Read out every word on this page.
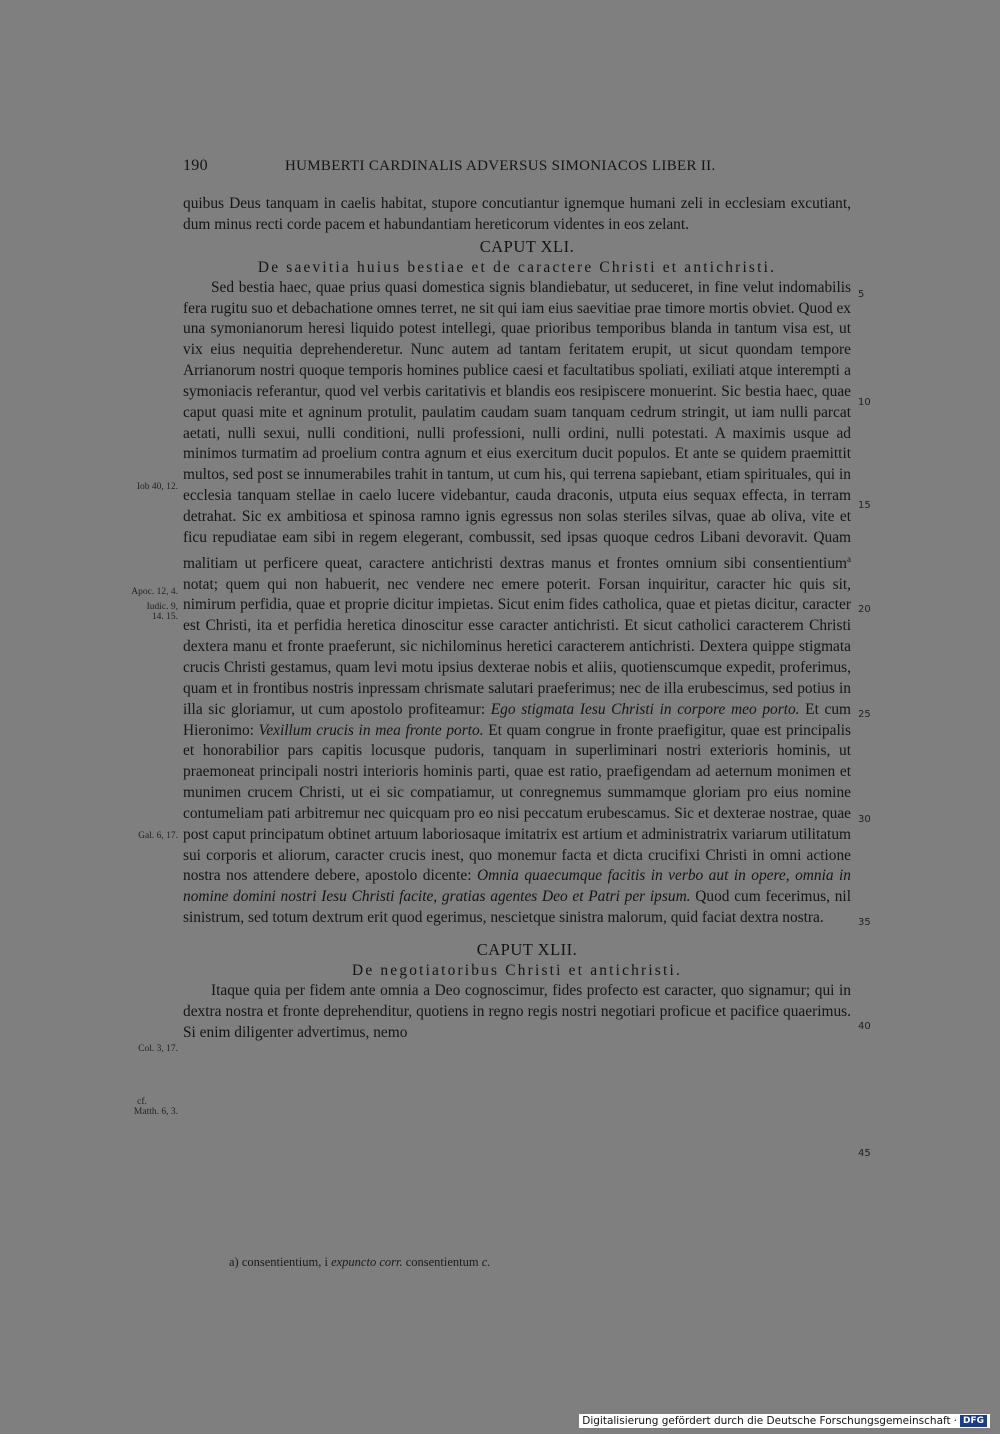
190	HUMBERTI CARDINALIS ADVERSUS SIMONIACOS LIBER II.

quibus Deus tanquam in caelis habitat, stupore concutiantur ignemque humani zeli in ecclesiam excutiant, dum minus recti corde pacem et habundantiam hereticorum videntes in eos zelant.

CAPUT XLI.

De saevitia huius bestiae et de caractere Christi et antichristi.

Sed bestia haec, quae prius quasi domestica signis blandiebatur, ut seduceret, in fine velut indomabilis fera rugitu suo et debachatione omnes terret, ne sit qui iam eius saevitiae prae timore mortis obviet. Quod ex una symonianorum heresi liquido potest intellegi, quae prioribus temporibus blanda in tantum visa est, ut vix eius nequitia deprehenderetur. Nunc autem ad tantam feritatem erupit, ut sicut quondam tempore Arrianorum nostri quoque temporis homines publice caesi et facultatibus spoliati, exiliati atque interempti a symoniacis referantur, quod vel verbis caritativis et blandis eos resipiscere monuerint. Sic bestia haec, quae caput quasi mite et agninum protulit, paulatim caudam suam tanquam cedrum stringit, ut iam nulli parcat aetati, nulli sexui, nulli conditioni, nulli professioni, nulli ordini, nulli potestati. A maximis usque ad minimos turmatim ad proelium contra agnum et eius exercitum ducit populos. Et ante se quidem praemittit multos, sed post se innumerabiles trahit in tantum, ut cum his, qui terrena sapiebant, etiam spirituales, qui in ecclesia tanquam stellae in caelo lucere videbantur, cauda draconis, utputa eius sequax effecta, in terram detrahat. Sic ex ambitiosa et spinosa ramno ignis egressus non solas steriles silvas, quae ab oliva, vite et ficu repudiatae eam sibi in regem elegerant, combussit, sed ipsas quoque cedros Libani devoravit. Quam malitiam ut perficere queat, caractere antichristi dextras manus et frontes omnium sibi consentientium$^a$ notat; quem qui non habuerit, nec vendere nec emere poterit. Forsan inquiritur, caracter hic quis sit, nimirum perfidia, quae et proprie dicitur impietas. Sicut enim fides catholica, quae et pietas dicitur, caracter est Christi, ita et perfidia heretica dinoscitur esse caracter antichristi. Et sicut catholici caracterem Christi dextera manu et fronte praeferunt, sic nichilominus heretici caracterem antichristi. Dextera quippe stigmata crucis Christi gestamus, quam levi motu ipsius dexterae nobis et aliis, quotienscumque expedit, proferimus, quam et in frontibus nostris inpressam chrismate salutari praeferimus; nec de illa erubescimus, sed potius in illa sic gloriamur, ut cum apostolo profiteamur: Ego stigmata Iesu Christi in corpore meo porto. Et cum Hieronimo: Vexillum crucis in mea fronte porto. Et quam congrue in fronte praefigitur, quae est principalis et honorabilior pars capitis locusque pudoris, tanquam in superliminari nostri exterioris hominis, ut praemoneat principali nostri interioris hominis parti, quae est ratio, praefigendam ad aeternum monimen et munimen crucem Christi, ut ei sic compatiamur, ut conregnemus summamque gloriam pro eius nomine contumeliam pati arbitremur nec quicquam pro eo nisi peccatum erubescamus. Sic et dexterae nostrae, quae post caput principatum obtinet artuum laboriosaque imitatrix est artium et administratrix variarum utilitatum sui corporis et aliorum, caracter crucis inest, quo monemur facta et dicta crucifixi Christi in omni actione nostra nos attendere debere, apostolo dicente: Omnia quaecumque facitis in verbo aut in opere, omnia in nomine domini nostri Iesu Christi facite, gratias agentes Deo et Patri per ipsum. Quod cum fecerimus, nil sinistrum, sed totum dextrum erit quod egerimus, nescietque sinistra malorum, quid faciat dextra nostra.

CAPUT XLII.

De negotiatoribus Christi et antichristi.

Itaque quia per fidem ante omnia a Deo cognoscimur, fides profecto est caracter, quo signamur; qui in dextra nostra et fronte deprehenditur, quotiens in regno regis nostri negotiari proficue et pacifice quaerimus. Si enim diligenter advertimus, nemo

5
10
15
20
25
30
35
40
45
Iob 40, 12.
Apoc. 12, 4.
Iudic. 9,
14. 15.
Gal. 6, 17.
Col. 3, 17.
cf.
Matth. 6, 3.
a) consentientium, i expuncto corr. consentientum c.
Digitalisierung gefördert durch die Deutsche Forschungsgemeinschaft · DFG
